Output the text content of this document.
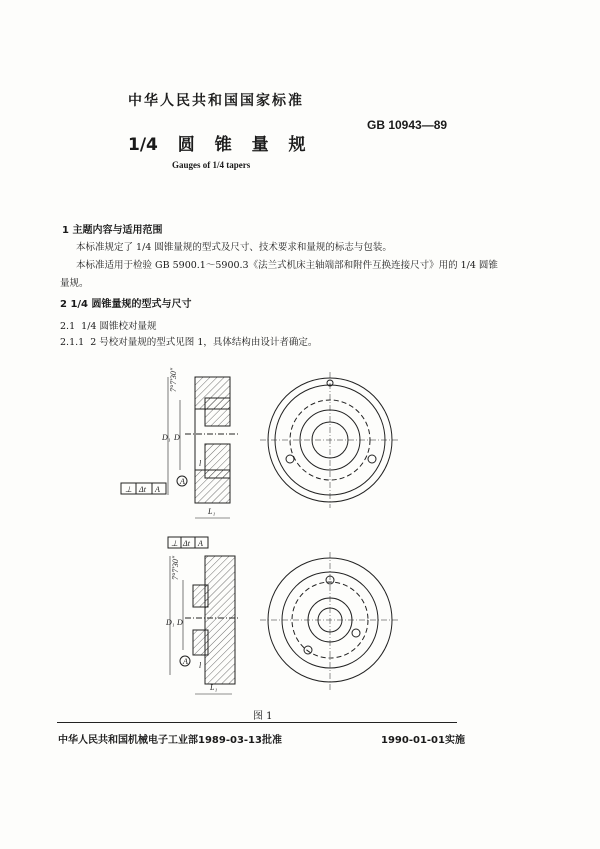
中华人民共和国国家标准
1/4 圆 锥 量 规
GB 10943—89
Gauges of 1/4 tapers
1 主题内容与适用范围
本标准规定了 1/4 圆锥量规的型式及尺寸、技术要求和量规的标志与包装。
本标准适用于检验 GB 5900.1～5900.3《法兰式机床主轴端部和附件互换连接尺寸》用的 1/4 圆锥
量规。
2 1/4 圆锥量规的型式与尺寸
2.1 1/4 圆锥校对量规
2.1.1 2 号校对量规的型式见图 1，具体结构由设计者确定。
D₁ D
7°7'30"
l
L₁
A
⊥ Δt A
D₁ D
7°7'30"
l
L₁
A
⊥ Δt A
图 1
中华人民共和国机械电子工业部1989-03-13批准	1990-01-01实施
